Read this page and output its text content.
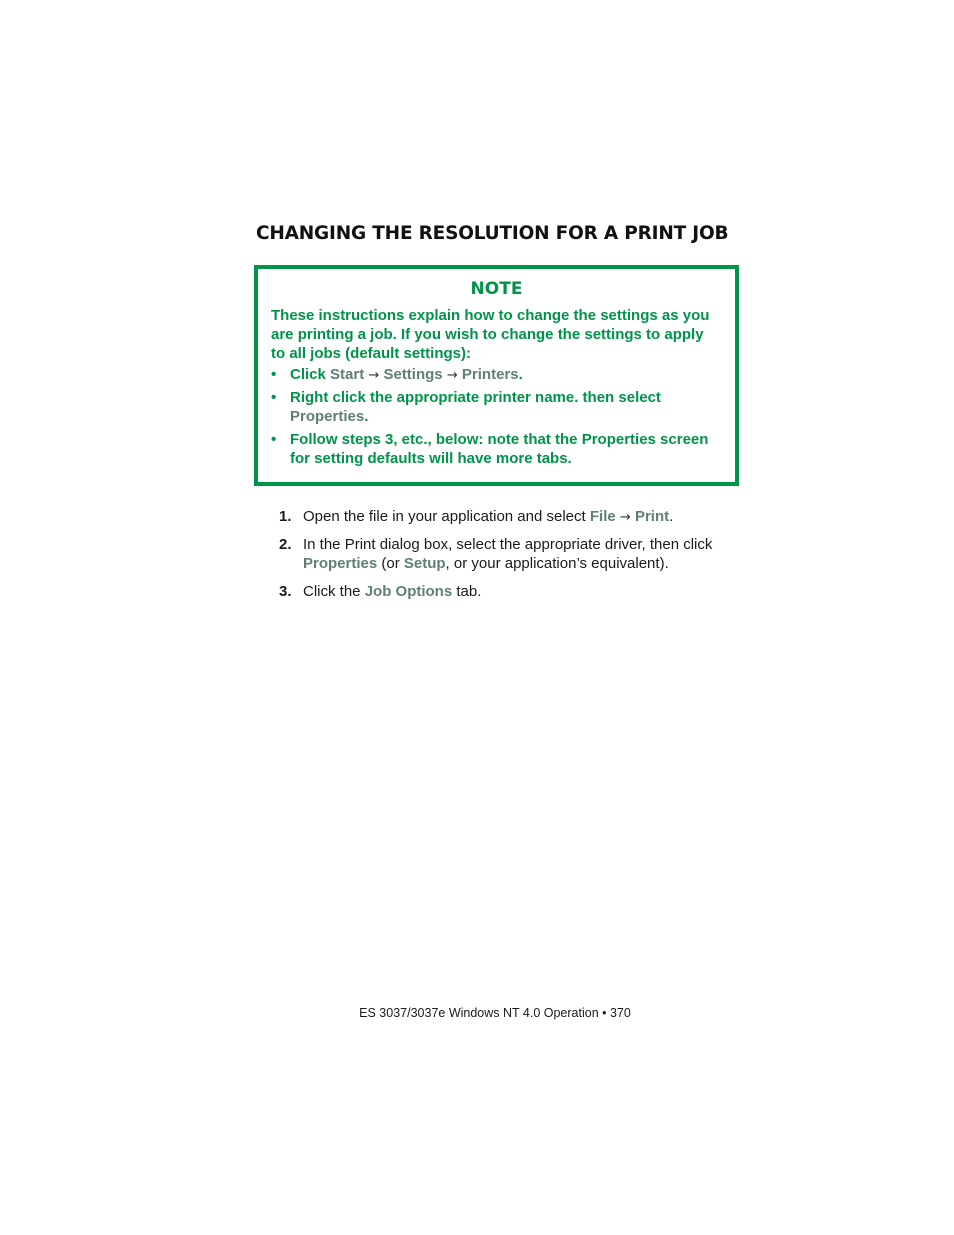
CHANGING THE RESOLUTION FOR A PRINT JOB
NOTE
These instructions explain how to change the settings as you are printing a job. If you wish to change the settings to apply to all jobs (default settings):
• Click Start → Settings → Printers.
• Right click the appropriate printer name. then select Properties.
• Follow steps 3, etc., below: note that the Properties screen for setting defaults will have more tabs.
1. Open the file in your application and select File → Print.
2. In the Print dialog box, select the appropriate driver, then click Properties (or Setup, or your application’s equivalent).
3. Click the Job Options tab.
ES 3037/3037e Windows NT 4.0 Operation • 370
